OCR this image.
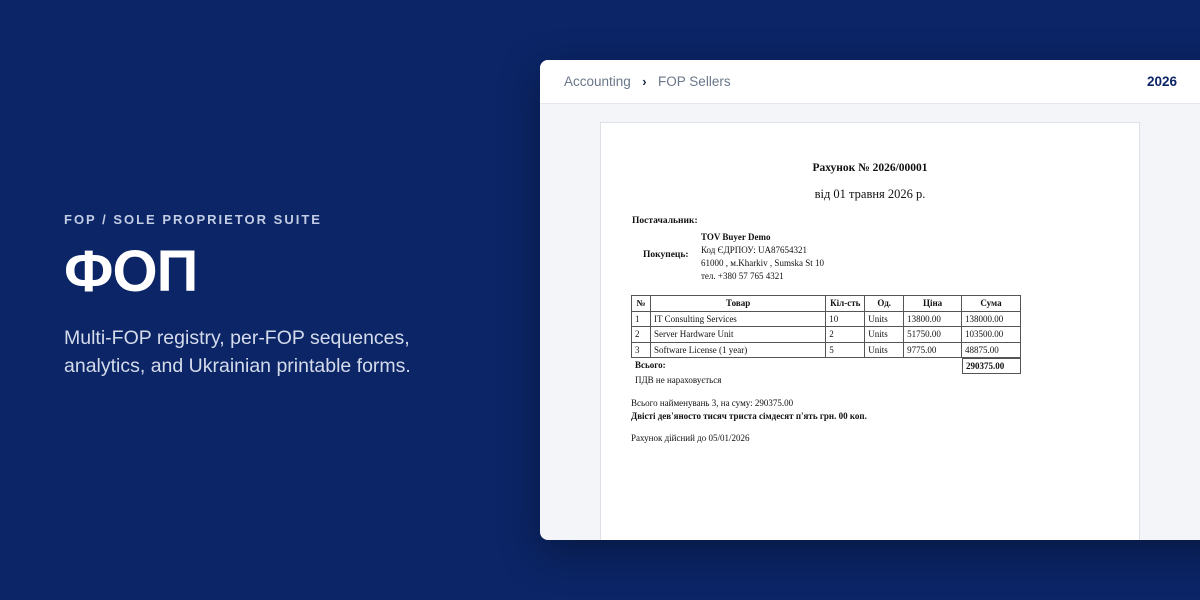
FOP / SOLE PROPRIETOR SUITE
ФОП
Multi-FOP registry, per-FOP sequences, analytics, and Ukrainian printable forms.
Accounting › FOP Sellers	2026
Рахунок № 2026/00001
від 01 травня 2026 р.
Постачальник:
Покупець:
TOV Buyer Demo
Код ЄДРПОУ: UA87654321
61000 , м.Kharkiv , Sumska St 10
тел. +380 57 765 4321
№	Товар	Кіл-сть	Од.	Ціна	Сума
1	IT Consulting Services	10	Units	13800.00	138000.00
2	Server Hardware Unit	2	Units	51750.00	103500.00
3	Software License (1 year)	5	Units	9775.00	48875.00
Всього:	290375.00
ПДВ не нараховується
Всього найменувань 3, на суму: 290375.00
Двісті дев'яносто тисяч триста сімдесят п'ять грн. 00 коп.
Рахунок дійсний до 05/01/2026
